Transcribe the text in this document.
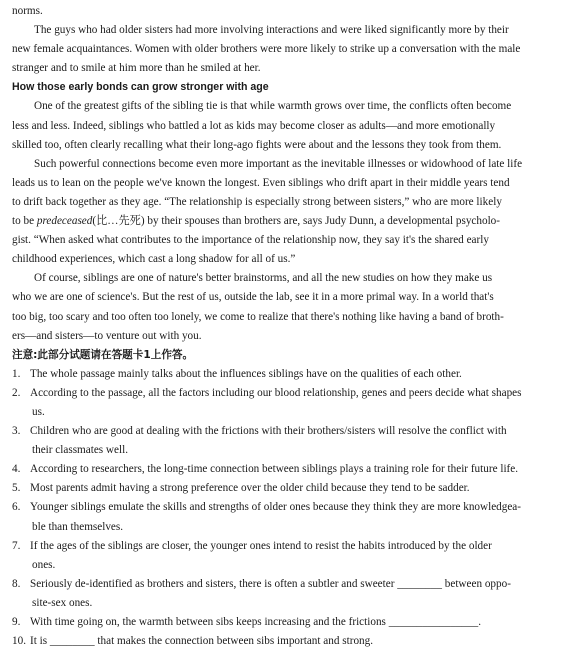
norms.

The guys who had older sisters had more involving interactions and were liked significantly more by their

new female acquaintances. Women with older brothers were more likely to strike up a conversation with the male

stranger and to smile at him more than he smiled at her.

How those early bonds can grow stronger with age

One of the greatest gifts of the sibling tie is that while warmth grows over time, the conflicts often become

less and less. Indeed, siblings who battled a lot as kids may become closer as adults—and more emotionally

skilled too, often clearly recalling what their long-ago fights were about and the lessons they took from them.

Such powerful connections become even more important as the inevitable illnesses or widowhood of late life

leads us to lean on the people we've known the longest. Even siblings who drift apart in their middle years tend

to drift back together as they age. “The relationship is especially strong between sisters,” who are more likely

to be predeceased(比…先死) by their spouses than brothers are, says Judy Dunn, a developmental psycholo-

gist. “When asked what contributes to the importance of the relationship now, they say it's the shared early

childhood experiences, which cast a long shadow for all of us.”

Of course, siblings are one of nature's better brainstorms, and all the new studies on how they make us

who we are one of science's. But the rest of us, outside the lab, see it in a more primal way. In a world that's

too big, too scary and too often too lonely, we come to realize that there's nothing like having a band of broth-

ers—and sisters—to venture out with you.

注意:此部分试题请在答题卡1上作答。

1. The whole passage mainly talks about the influences siblings have on the qualities of each other.
2. According to the passage, all the factors including our blood relationship, genes and peers decide what shapes
us.
3. Children who are good at dealing with the frictions with their brothers/sisters will resolve the conflict with
their classmates well.
4. According to researchers, the long-time connection between siblings plays a training role for their future life.
5. Most parents admit having a strong preference over the older child because they tend to be sadder.
6. Younger siblings emulate the skills and strengths of older ones because they think they are more knowledgea-
ble than themselves.
7. If the ages of the siblings are closer, the younger ones intend to resist the habits introduced by the older
ones.
8. Seriously de-identified as brothers and sisters, there is often a subtler and sweeter ________ between oppo-
site-sex ones.
9. With time going on, the warmth between sibs keeps increasing and the frictions ________________.
10. It is ________ that makes the connection between sibs important and strong.
